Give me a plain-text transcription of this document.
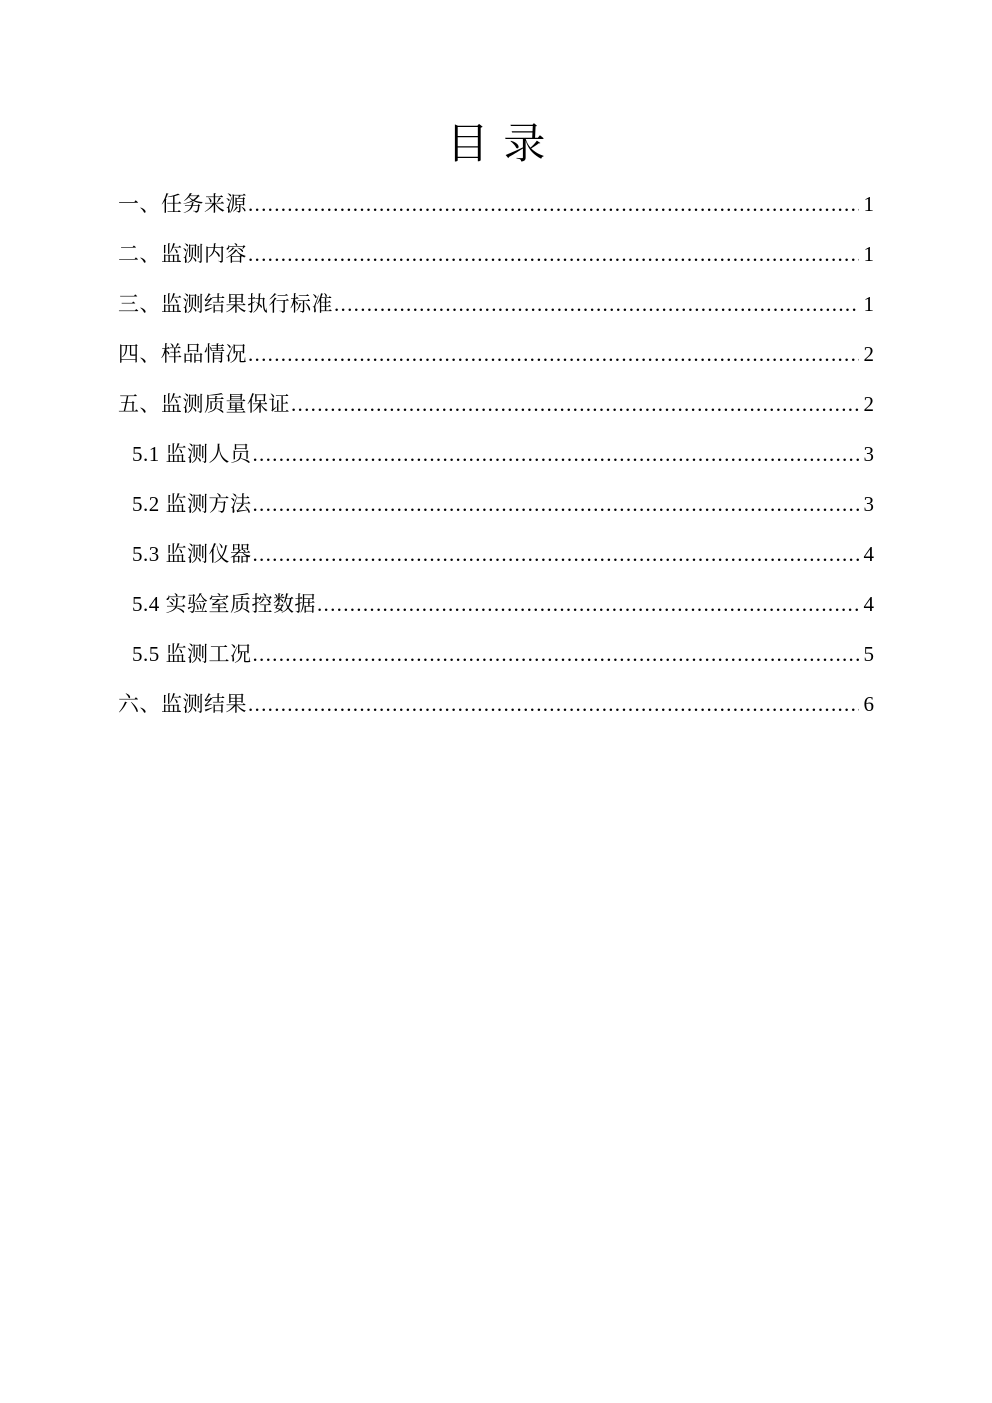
目录
一、任务来源 .....	1
二、监测内容 .....	1
三、监测结果执行标准 .....	1
四、样品情况 .....	2
五、监测质量保证 .....	2
5.1 监测人员 .....	3
5.2 监测方法 .....	3
5.3 监测仪器 .....	4
5.4 实验室质控数据 .....	4
5.5 监测工况 .....	5
六、监测结果 .....	6
